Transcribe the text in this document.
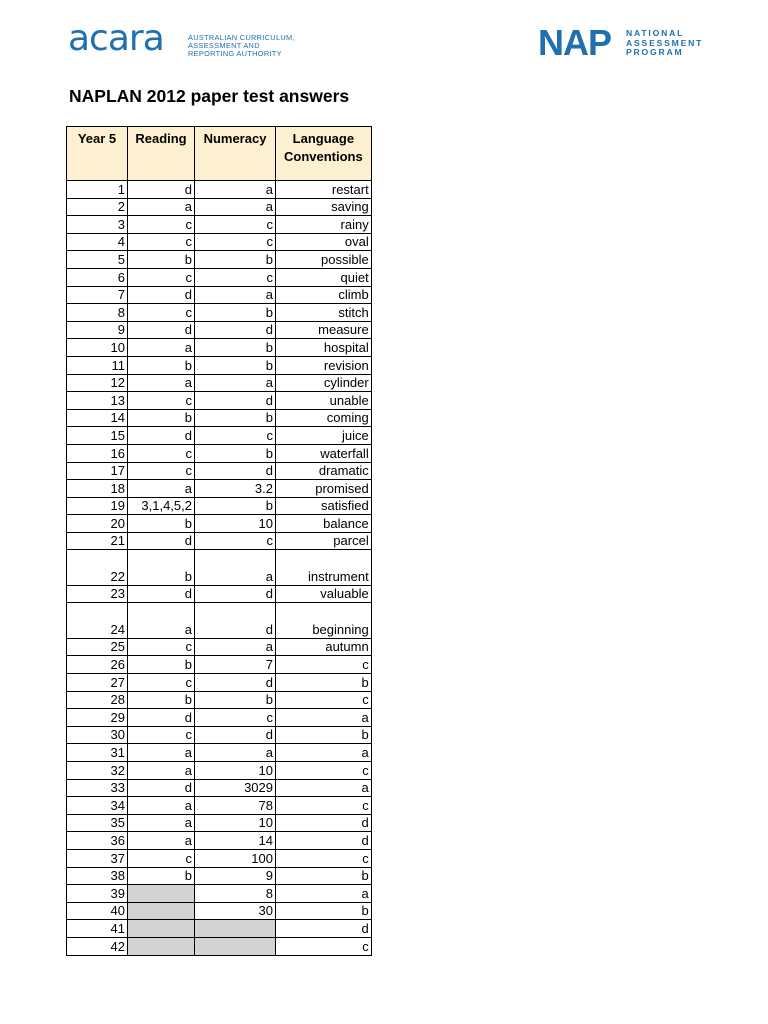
acara	AUSTRALIAN CURRICULUM,
ASSESSMENT AND
REPORTING AUTHORITY	NAP NATIONAL
ASSESSMENT
PROGRAM
NAPLAN 2012 paper test answers
Year 5	Reading	Numeracy	Language Conventions
1	d	a	restart
2	a	a	saving
3	c	c	rainy
4	c	c	oval
5	b	b	possible
6	c	c	quiet
7	d	a	climb
8	c	b	stitch
9	d	d	measure
10	a	b	hospital
11	b	b	revision
12	a	a	cylinder
13	c	d	unable
14	b	b	coming
15	d	c	juice
16	c	b	waterfall
17	c	d	dramatic
18	a	3.2	promised
19	3,1,4,5,2	b	satisfied
20	b	10	balance
21	d	c	parcel
22	b	a	instrument
23	d	d	valuable
24	a	d	beginning
25	c	a	autumn
26	b	7	c
27	c	d	b
28	b	b	c
29	d	c	a
30	c	d	b
31	a	a	a
32	a	10	c
33	d	3029	a
34	a	78	c
35	a	10	d
36	a	14	d
37	c	100	c
38	b	9	b
39		8	a
40		30	b
41			d
42			c
